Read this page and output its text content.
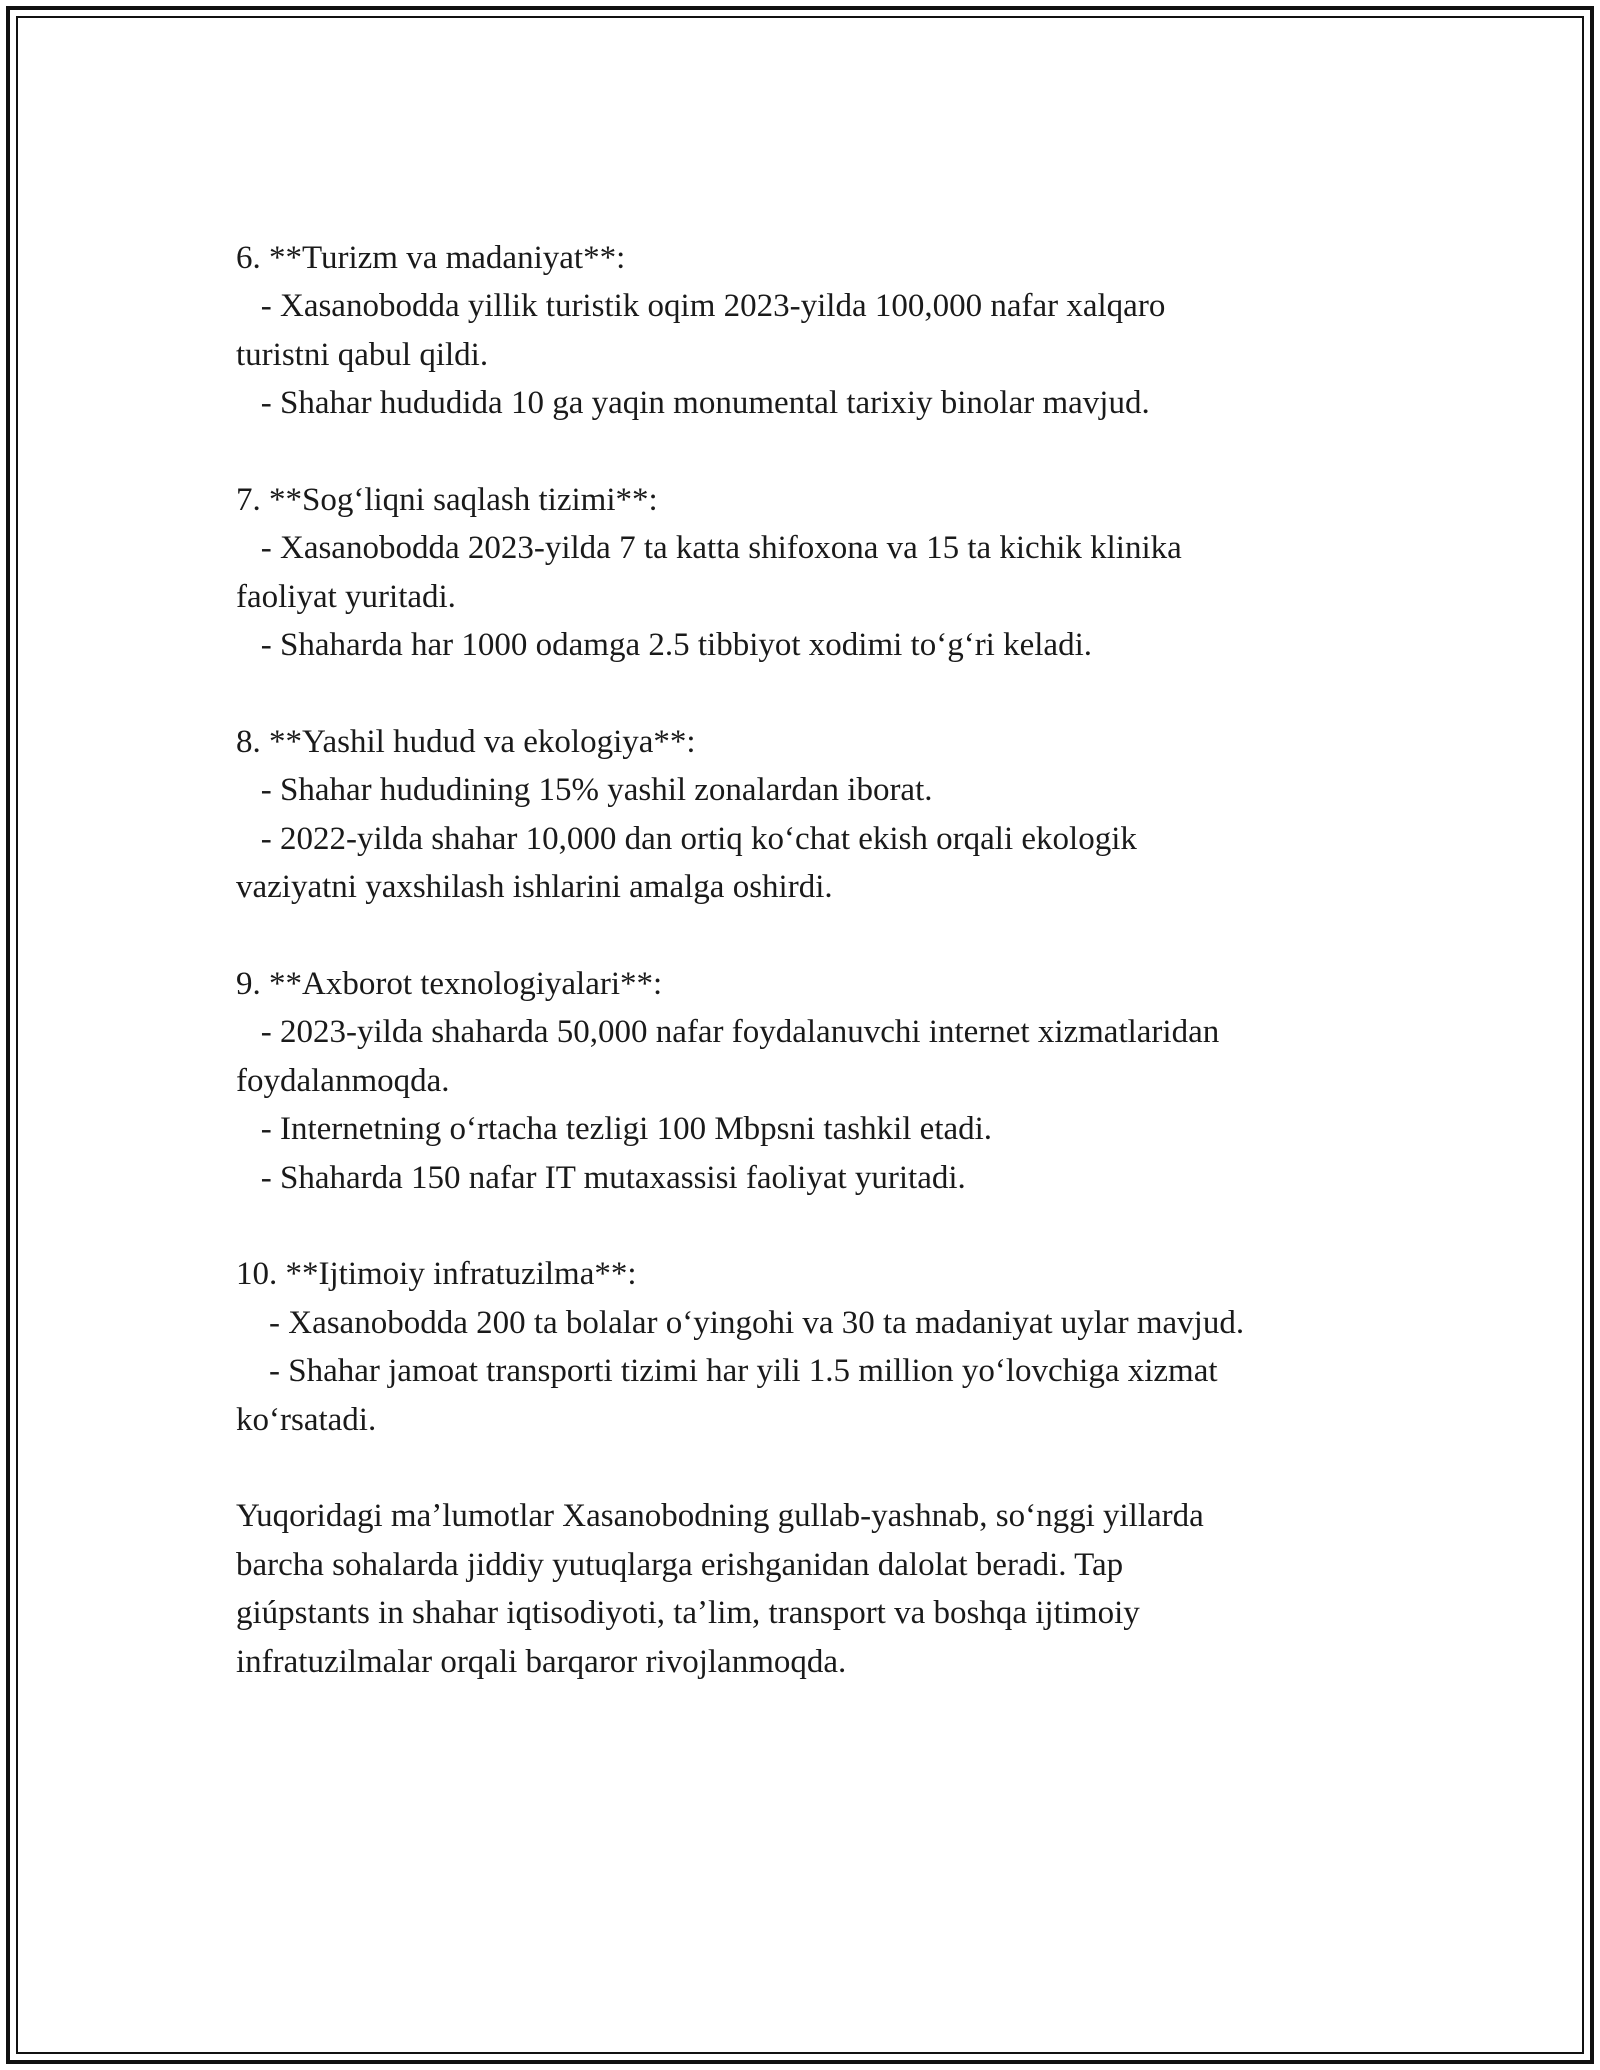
6. **Turizm va madaniyat**:
- Xasanobodda yillik turistik oqim 2023-yilda 100,000 nafar xalqaro
turistni qabul qildi.
- Shahar hududida 10 ga yaqin monumental tarixiy binolar mavjud.
7. **Sogʻliqni saqlash tizimi**:
- Xasanobodda 2023-yilda 7 ta katta shifoxona va 15 ta kichik klinika
faoliyat yuritadi.
- Shaharda har 1000 odamga 2.5 tibbiyot xodimi toʻgʻri keladi.
8. **Yashil hudud va ekologiya**:
- Shahar hududining 15% yashil zonalardan iborat.
- 2022-yilda shahar 10,000 dan ortiq koʻchat ekish orqali ekologik
vaziyatni yaxshilash ishlarini amalga oshirdi.
9. **Axborot texnologiyalari**:
- 2023-yilda shaharda 50,000 nafar foydalanuvchi internet xizmatlaridan
foydalanmoqda.
- Internetning oʻrtacha tezligi 100 Mbpsni tashkil etadi.
- Shaharda 150 nafar IT mutaxassisi faoliyat yuritadi.
10. **Ijtimoiy infratuzilma**:
- Xasanobodda 200 ta bolalar oʻyingohi va 30 ta madaniyat uylar mavjud.
- Shahar jamoat transporti tizimi har yili 1.5 million yoʻlovchiga xizmat
koʻrsatadi.
Yuqoridagi maʼlumotlar Xasanobodning gullab-yashnab, soʻnggi yillarda
barcha sohalarda jiddiy yutuqlarga erishganidan dalolat beradi. Tap
giúpstants in shahar iqtisodiyoti, taʼlim, transport va boshqa ijtimoiy
infratuzilmalar orqali barqaror rivojlanmoqda.
